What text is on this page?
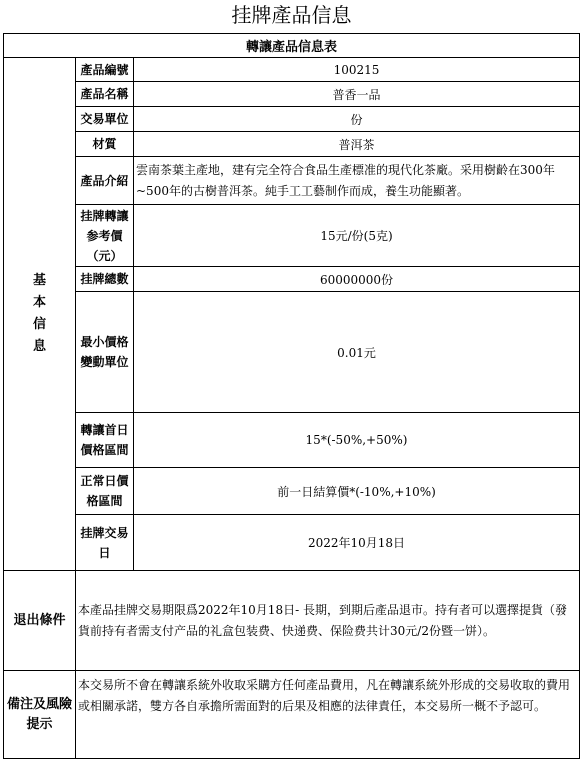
挂牌產品信息
轉讓產品信息表		
基
本
信
息	產品編號	100215
	產品名稱	普香一品
	交易單位	份
	材質	普洱茶
	產品介紹	雲南茶葉主產地，建有完全符合食品生產標准的現代化茶廠。采用樹齡在300年~500年的古樹普洱茶。純手工工藝制作而成，養生功能顯著。
	挂牌轉讓参考價（元）	15元/份(5克)
	挂牌總數	60000000份
	最小價格變動單位	0.01元
	轉讓首日價格區間	15*(-50%,+50%)
	正常日價格區間	前一日結算價*(-10%,+10%)
	挂牌交易日	2022年10月18日
退出條件	本產品挂牌交易期限爲2022年10月18日- 長期，到期后產品退市。持有者可以選擇提貨（發貨前持有者需支付产品的礼盒包装费、快递费、保险费共计30元/2份暨一饼）。	
備注及風險提示	本交易所不會在轉讓系統外收取采購方任何產品費用，凡在轉讓系統外形成的交易收取的費用或相關承諾，雙方各自承擔所需面對的后果及相應的法律責任，本交易所一概不予認可。	
